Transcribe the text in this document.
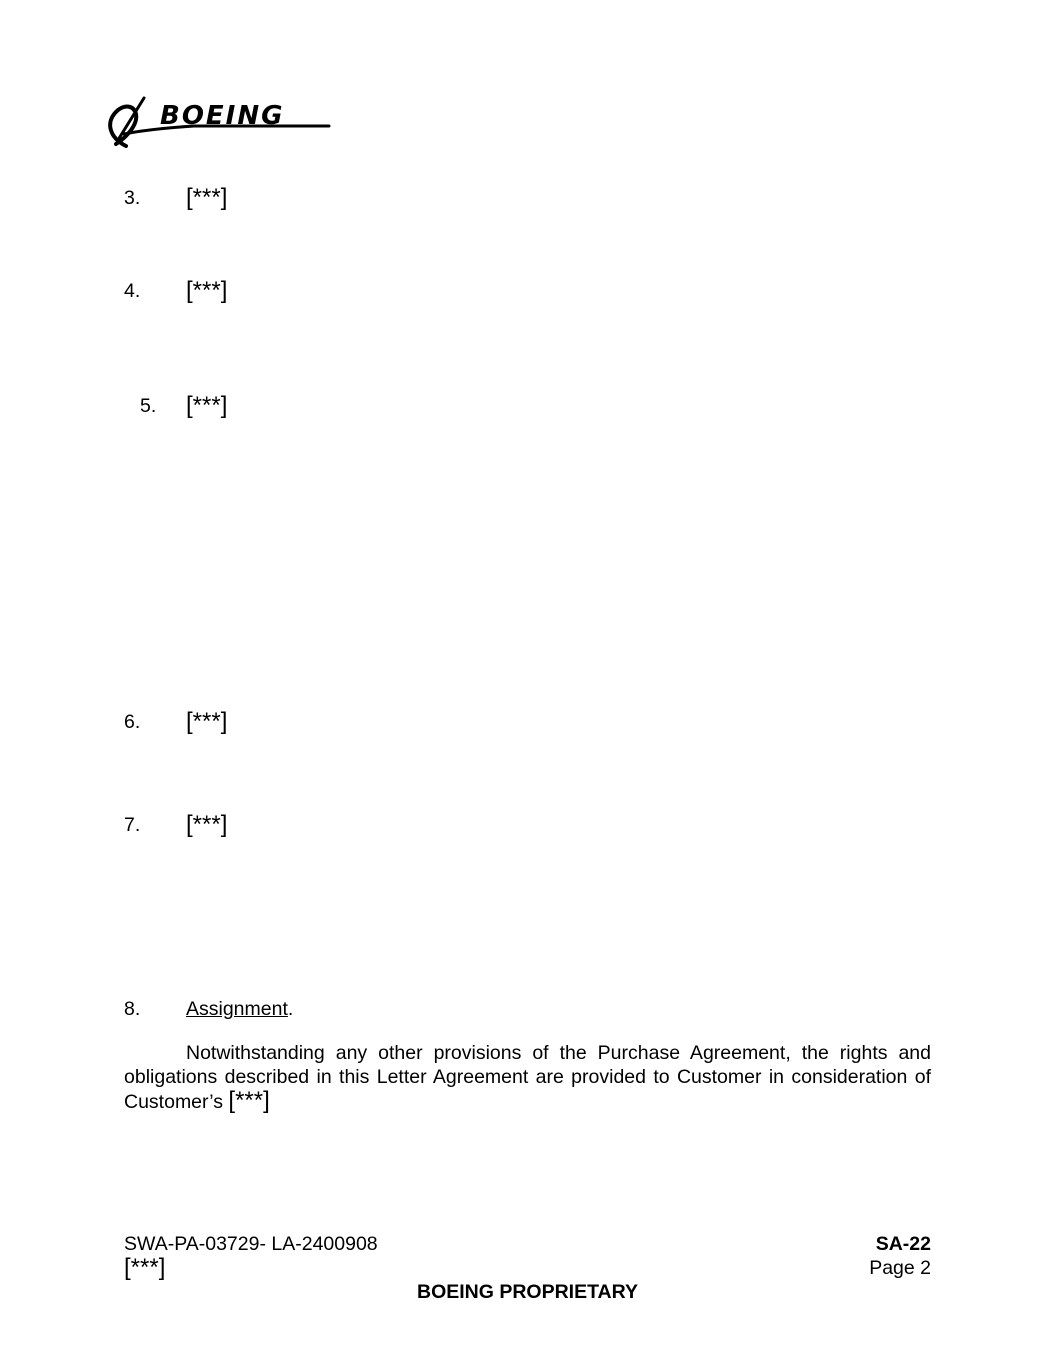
BOEING
3.	[***]
4.	[***]
5.	[***]
6.	[***]
7.	[***]
8.	Assignment.
Notwithstanding any other provisions of the Purchase Agreement, the rights and obligations described in this Letter Agreement are provided to Customer in consideration of Customer’s [***]
SWA-PA-03729- LA-2400908
[***]
SA-22
Page 2
BOEING PROPRIETARY
